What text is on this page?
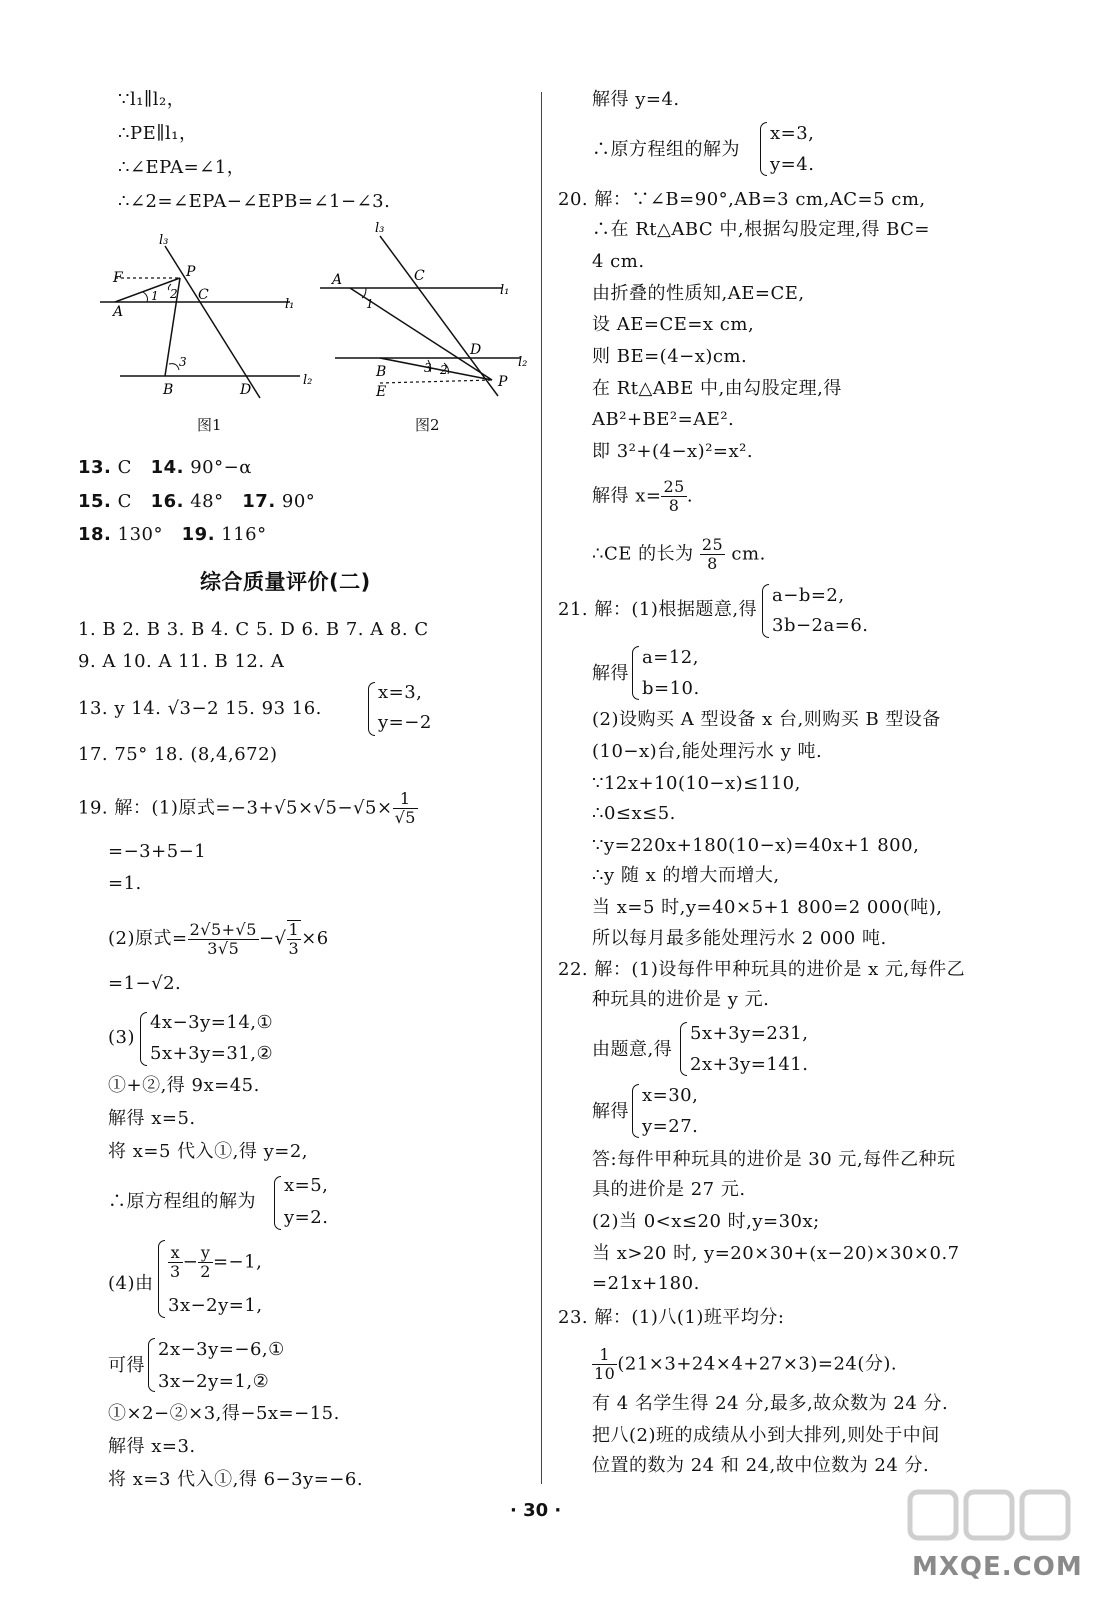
∵l₁∥l₂，
∴PE∥l₁，
∴∠EPA=∠1，
∴∠2=∠EPA−∠EPB=∠1−∠3.
l₃
P
F
C
l₁
A
1 2
3
B	D
l₂
图1
l₃
A	C
l₁
1
D
l₂
B	3 2
E
P
图2
13. C 14. 90°−α
15. C 16. 48° 17. 90°
18. 130° 19. 116°
综合质量评价(二)
1. B 2. B 3. B 4. C 5. D 6. B 7. A 8. C
9. A 10. A 11. B 12. A
13. y 14. √3−2 15. 93 16.
x=3,
y=−2
17. 75° 18. (8,4,672)
19. 解：(1)原式$=-3+√5\times√5-√5\times \frac{1}{√5}$
=−3+5−1
=1.
(2)原式= $\frac{2√5+√5}{3√5}$ −√ $\frac{1}{3} \times 6$
=1−√2.
(3)
4x−3y=14,①
5x+3y=31,②
①+②,得 9x=45.
解得 x=5.
将 x=5 代入①,得 y=2,
∴原方程组的解为
x=5,
y=2.
(4)由
$\frac{x}{3} - \frac{y}{2} =-1$,
3x−2y=1,
可得
2x−3y=−6,①
3x−2y=1,②
①×2−②×3,得−5x=−15.
解得 x=3.
将 x=3 代入①,得 6−3y=−6.
解得 y=4.
∴原方程组的解为
x=3,
y=4.
20. 解：∵∠B=90°,AB=3 cm,AC=5 cm,
∴在 Rt△ABC 中,根据勾股定理,得 BC=
4 cm.
由折叠的性质知,AE=CE,
设 AE=CE=x cm,
则 BE=(4−x)cm.
在 Rt△ABE 中,由勾股定理,得
AB²+BE²=AE².
即 3²+(4−x)²=x².
解得 $x= \frac{25}{8}$ .
∴CE 的长为 $\frac{25}{8}$ cm.
21. 解：(1)根据题意,得
a−b=2,
3b−2a=6.
解得
a=12,
b=10.
(2)设购买 A 型设备 x 台,则购买 B 型设备
(10−x)台,能处理污水 y 吨.
∵12x+10(10−x)≤110,
∴0≤x≤5.
∵y=220x+180(10−x)=40x+1 800,
∴y 随 x 的增大而增大,
当 x=5 时,y=40×5+1 800=2 000(吨),
所以每月最多能处理污水 2 000 吨.
22. 解：(1)设每件甲种玩具的进价是 x 元,每件乙
种玩具的进价是 y 元.
由题意,得
5x+3y=231,
2x+3y=141.
解得
x=30,
y=27.
答:每件甲种玩具的进价是 30 元,每件乙种玩
具的进价是 27 元.
(2)当 0<x≤20 时,y=30x;
当 x>20 时, y=20×30+(x−20)×30×0.7
=21x+180.
23. 解：(1)八(1)班平均分:
$\frac{1}{10} (21\times 3+24\times 4+27\times 3)=24$(分).
有 4 名学生得 24 分,最多,故众数为 24 分.
把八(2)班的成绩从小到大排列,则处于中间
位置的数为 24 和 24,故中位数为 24 分.
· 30 ·
MXQE.COM
